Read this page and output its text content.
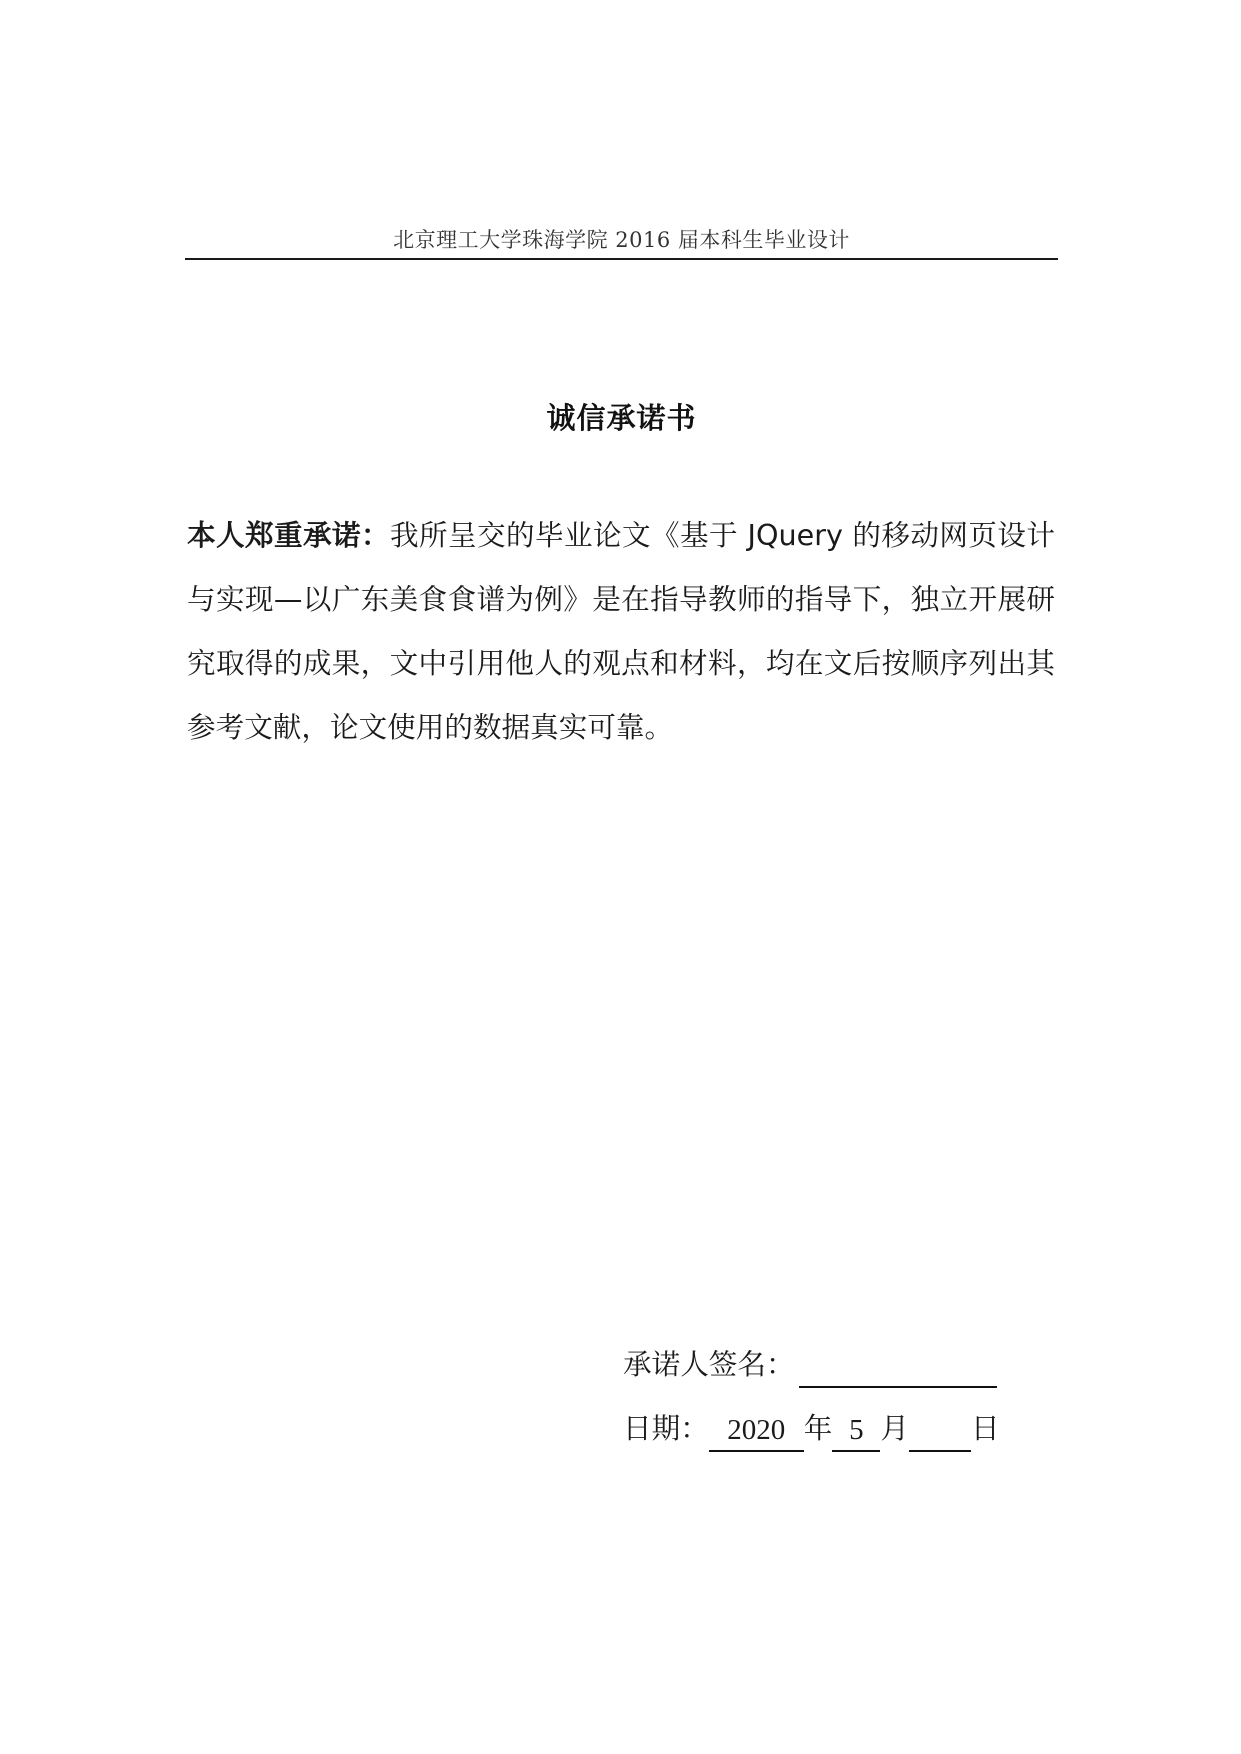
北京理工大学珠海学院 2016 届本科生毕业设计
诚信承诺书
本人郑重承诺：我所呈交的毕业论文《基于 JQuery 的移动网页设计与实现—以广东美食食谱为例》是在指导教师的指导下，独立开展研究取得的成果，文中引用他人的观点和材料，均在文后按顺序列出其参考文献，论文使用的数据真实可靠。
承诺人签名：
日期： 2020 年 5 月 日
